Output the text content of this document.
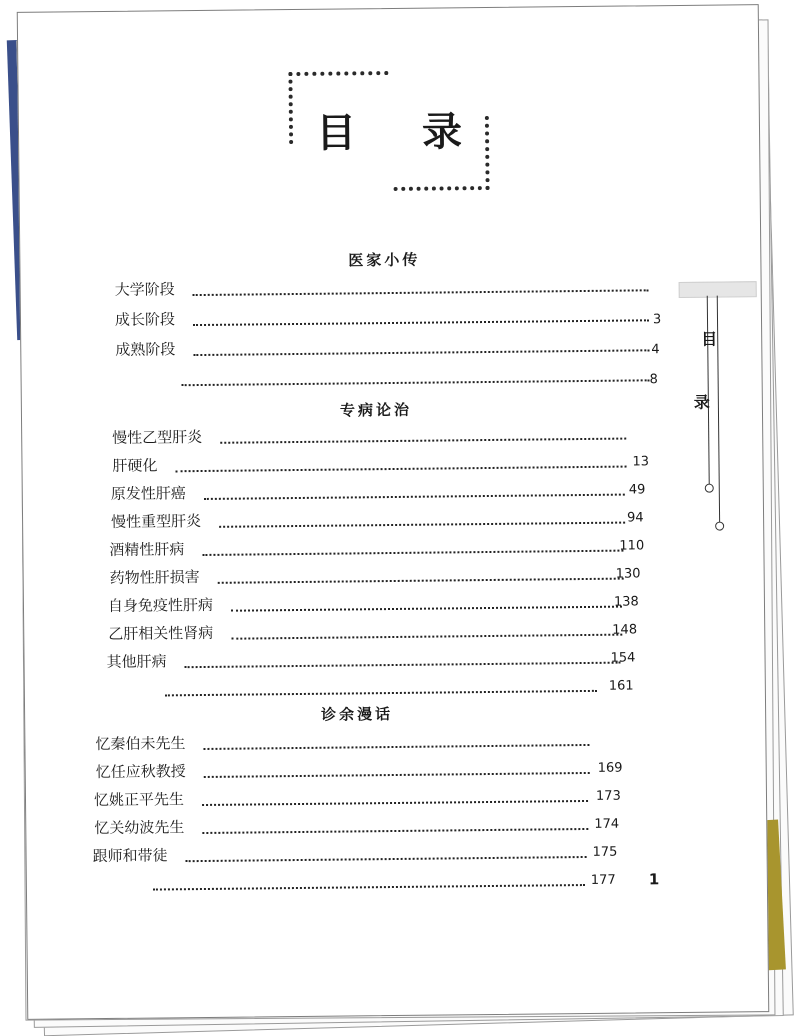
目 录
目
录
医家小传
大学阶段
成长阶段
成熟阶段
3
4
8
专病论治
慢性乙型肝炎
肝硬化
原发性肝癌
慢性重型肝炎
酒精性肝病
药物性肝损害
自身免疫性肝病
乙肝相关性肾病
其他肝病
13
49
94
110
130
138
148
154
161
诊余漫话
忆秦伯未先生
忆任应秋教授
忆姚正平先生
忆关幼波先生
跟师和带徒
169
173
174
175
177 1
